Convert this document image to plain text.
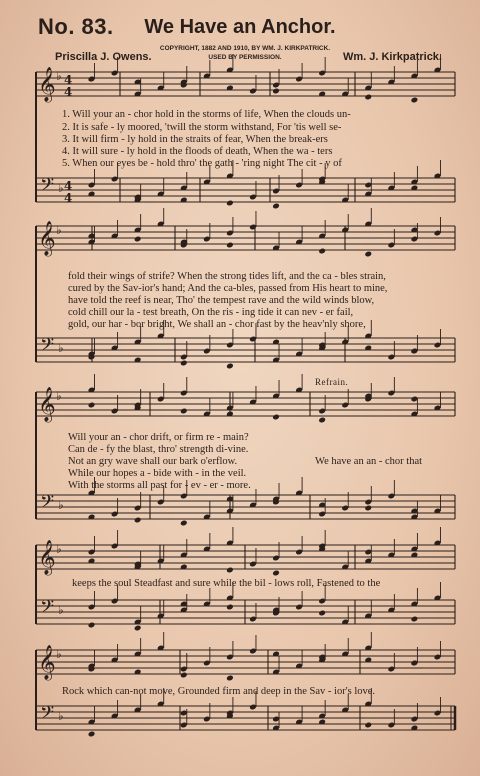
No. 83.	We Have an Anchor.
COPYRIGHT, 1882 AND 1910, BY WM. J. KIRKPATRICK.
USED BY PERMISSION.
Priscilla J. Owens.	Wm. J. Kirkpatrick.
𝄞 ♭
𝄢 ♭
4
4
4
4
𝄞 ♭
𝄢 ♭
𝄞 ♭
𝄢 ♭
𝄞 ♭
𝄢 ♭
𝄞 ♭
𝄢 ♭
1. Will your an - chor hold in the storms of life, When the clouds un-
2. It is safe - ly moored, 'twill the storm withstand, For 'tis well se-
3. It will firm - ly hold in the straits of fear, When the break-ers
4. It will sure - ly hold in the floods of death, When the wa - ters
5. When our eyes be - hold thro' the gath - 'ring night The cit - y of
fold their wings of strife? When the strong tides lift, and the ca - bles strain,
cured by the Sav-ior's hand; And the ca-bles, passed from His heart to mine,
have told the reef is near, Tho' the tempest rave and the wild winds blow,
cold chill our la - test breath, On the ris - ing tide it can nev - er fail,
gold, our har - bor bright, We shall an - chor fast by the heav'nly shore,
Refrain.
Will your an - chor drift, or firm re - main?
Can de - fy the blast, thro' strength di-vine.
Not an gry wave shall our bark o'erflow.	We have an an - chor that
While our hopes a - bide with - in the veil.
With the storms all past for - ev - er - more.
keeps the soul Steadfast and sure while the bil - lows roll, Fastened to the
Rock which can-not move, Grounded firm and deep in the Sav - ior's love.
